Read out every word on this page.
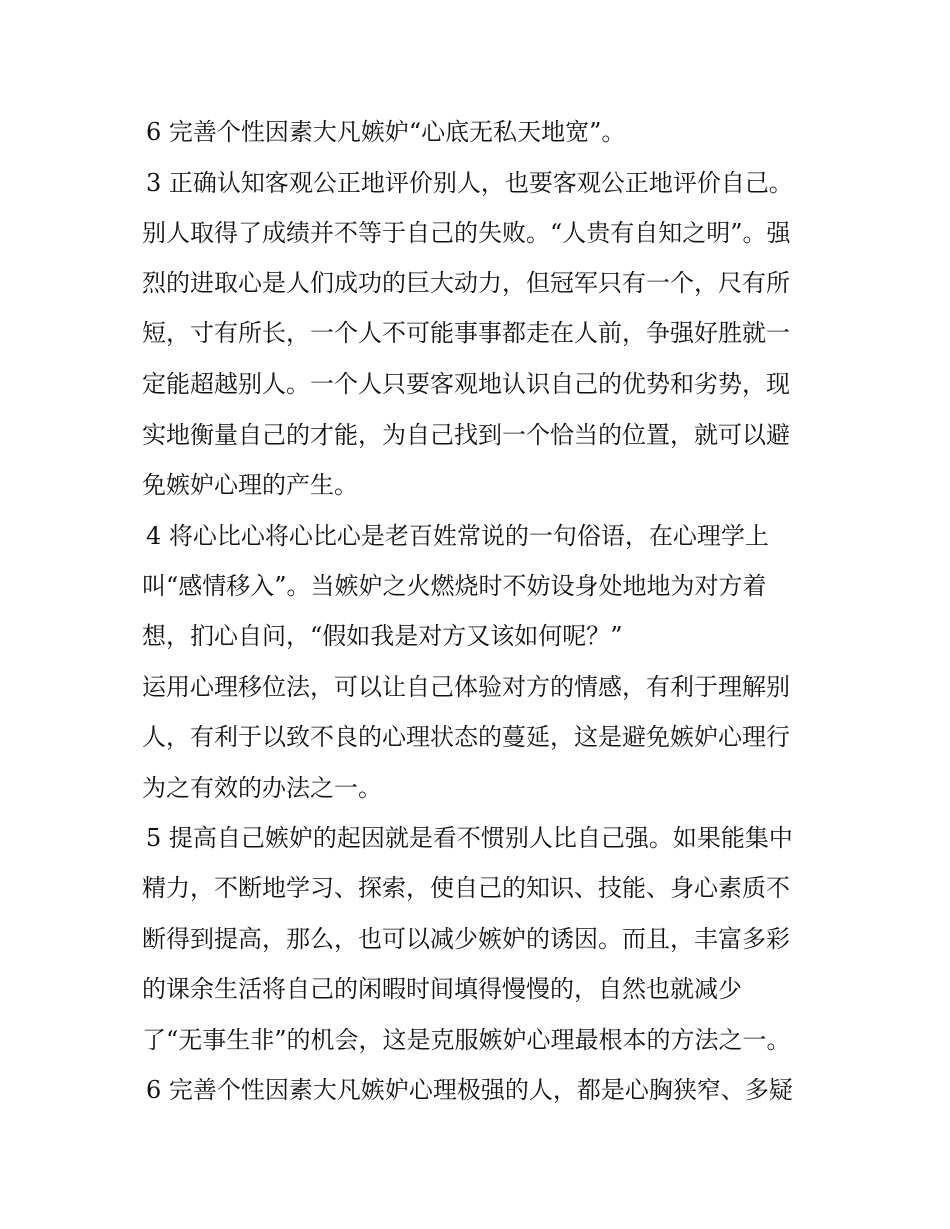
6 完善个性因素大凡嫉妒“心底无私天地宽”。
3 正确认知客观公正地评价别人，也要客观公正地评价自己。
别人取得了成绩并不等于自己的失败。“人贵有自知之明”。强
烈的进取心是人们成功的巨大动力，但冠军只有一个，尺有所
短，寸有所长，一个人不可能事事都走在人前，争强好胜就一
定能超越别人。一个人只要客观地认识自己的优势和劣势，现
实地衡量自己的才能，为自己找到一个恰当的位置，就可以避
免嫉妒心理的产生。
4 将心比心将心比心是老百姓常说的一句俗语，在心理学上
叫“感情移入”。当嫉妒之火燃烧时不妨设身处地地为对方着
想，扪心自问，“假如我是对方又该如何呢？”
运用心理移位法，可以让自己体验对方的情感，有利于理解别
人，有利于以致不良的心理状态的蔓延，这是避免嫉妒心理行
为之有效的办法之一。
5 提高自己嫉妒的起因就是看不惯别人比自己强。如果能集中
精力，不断地学习、探索，使自己的知识、技能、身心素质不
断得到提高，那么，也可以减少嫉妒的诱因。而且，丰富多彩
的课余生活将自己的闲暇时间填得慢慢的，自然也就减少
了“无事生非”的机会，这是克服嫉妒心理最根本的方法之一。
6 完善个性因素大凡嫉妒心理极强的人，都是心胸狭窄、多疑
